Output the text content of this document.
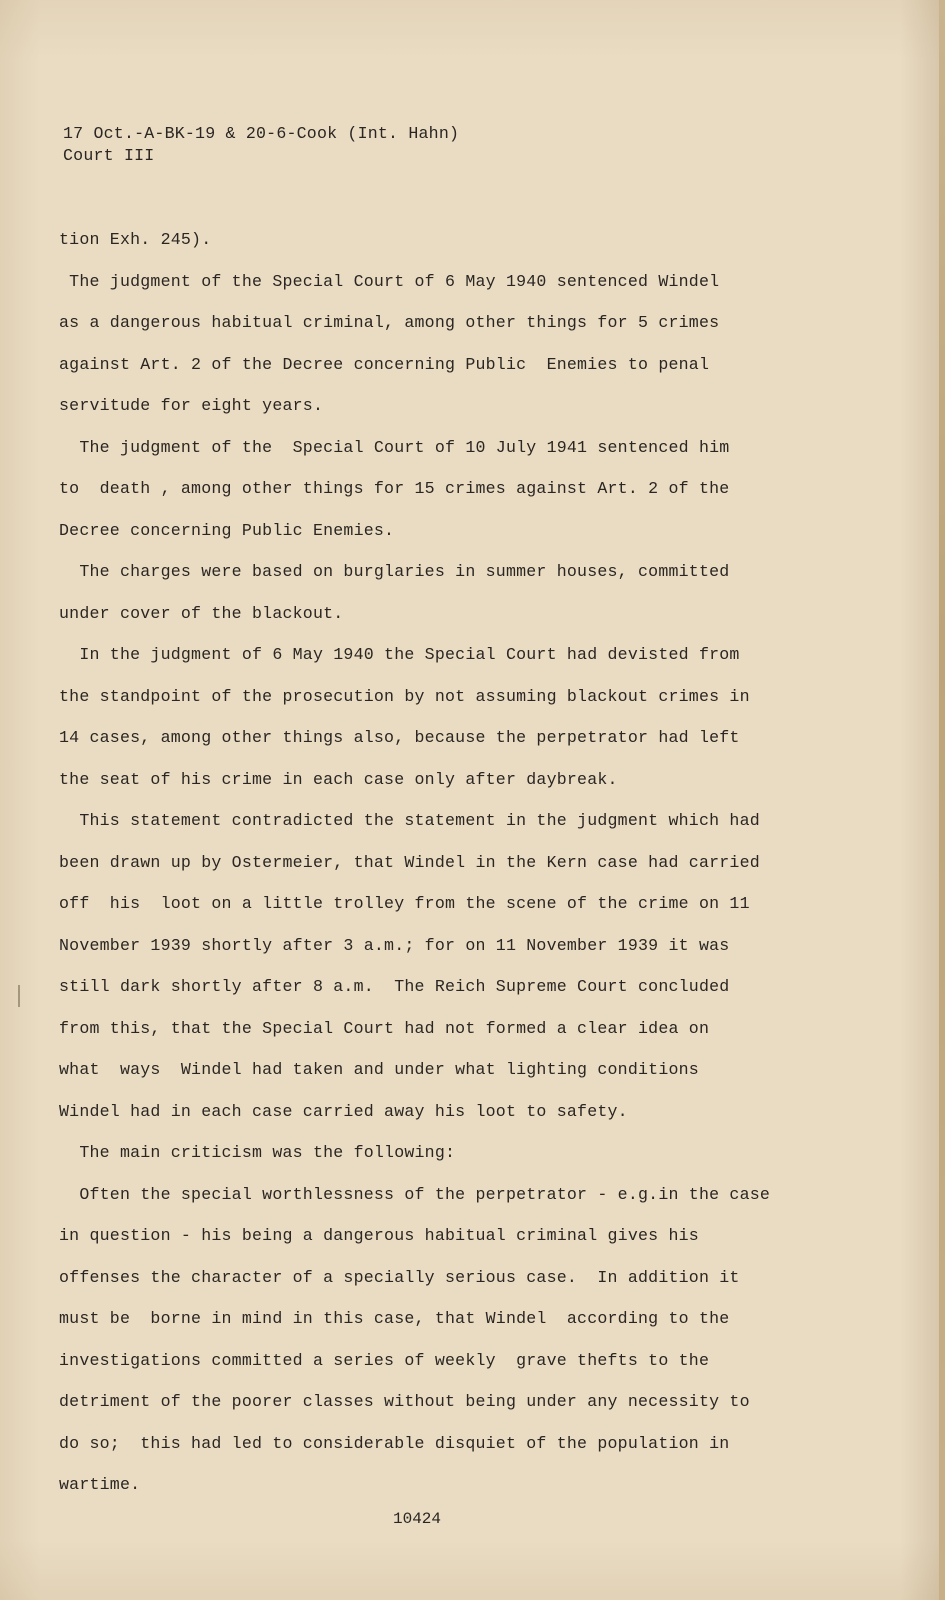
17 Oct.-A-BK-19 & 20-6-Cook (Int. Hahn)
Court III
tion Exh. 245).
The judgment of the Special Court of 6 May 1940 sentenced Windel
as a dangerous habitual criminal, among other things for 5 crimes
against Art. 2 of the Decree concerning Public  Enemies to penal
servitude for eight years.
The judgment of the  Special Court of 10 July 1941 sentenced him
to  death , among other things for 15 crimes against Art. 2 of the
Decree concerning Public Enemies.
The charges were based on burglaries in summer houses, committed
under cover of the blackout.
In the judgment of 6 May 1940 the Special Court had devisted from
the standpoint of the prosecution by not assuming blackout crimes in
14 cases, among other things also, because the perpetrator had left
the seat of his crime in each case only after daybreak.
This statement contradicted the statement in the judgment which had
been drawn up by Ostermeier, that Windel in the Kern case had carried
off  his  loot on a little trolley from the scene of the crime on 11
November 1939 shortly after 3 a.m.; for on 11 November 1939 it was
still dark shortly after 8 a.m.  The Reich Supreme Court concluded
from this, that the Special Court had not formed a clear idea on
what  ways  Windel had taken and under what lighting conditions
Windel had in each case carried away his loot to safety.
The main criticism was the following:
Often the special worthlessness of the perpetrator - e.g.in the case
in question - his being a dangerous habitual criminal gives his
offenses the character of a specially serious case.  In addition it
must be  borne in mind in this case, that Windel  according to the
investigations committed a series of weekly  grave thefts to the
detriment of the poorer classes without being under any necessity to
do so;  this had led to considerable disquiet of the population in
wartime.
10424
